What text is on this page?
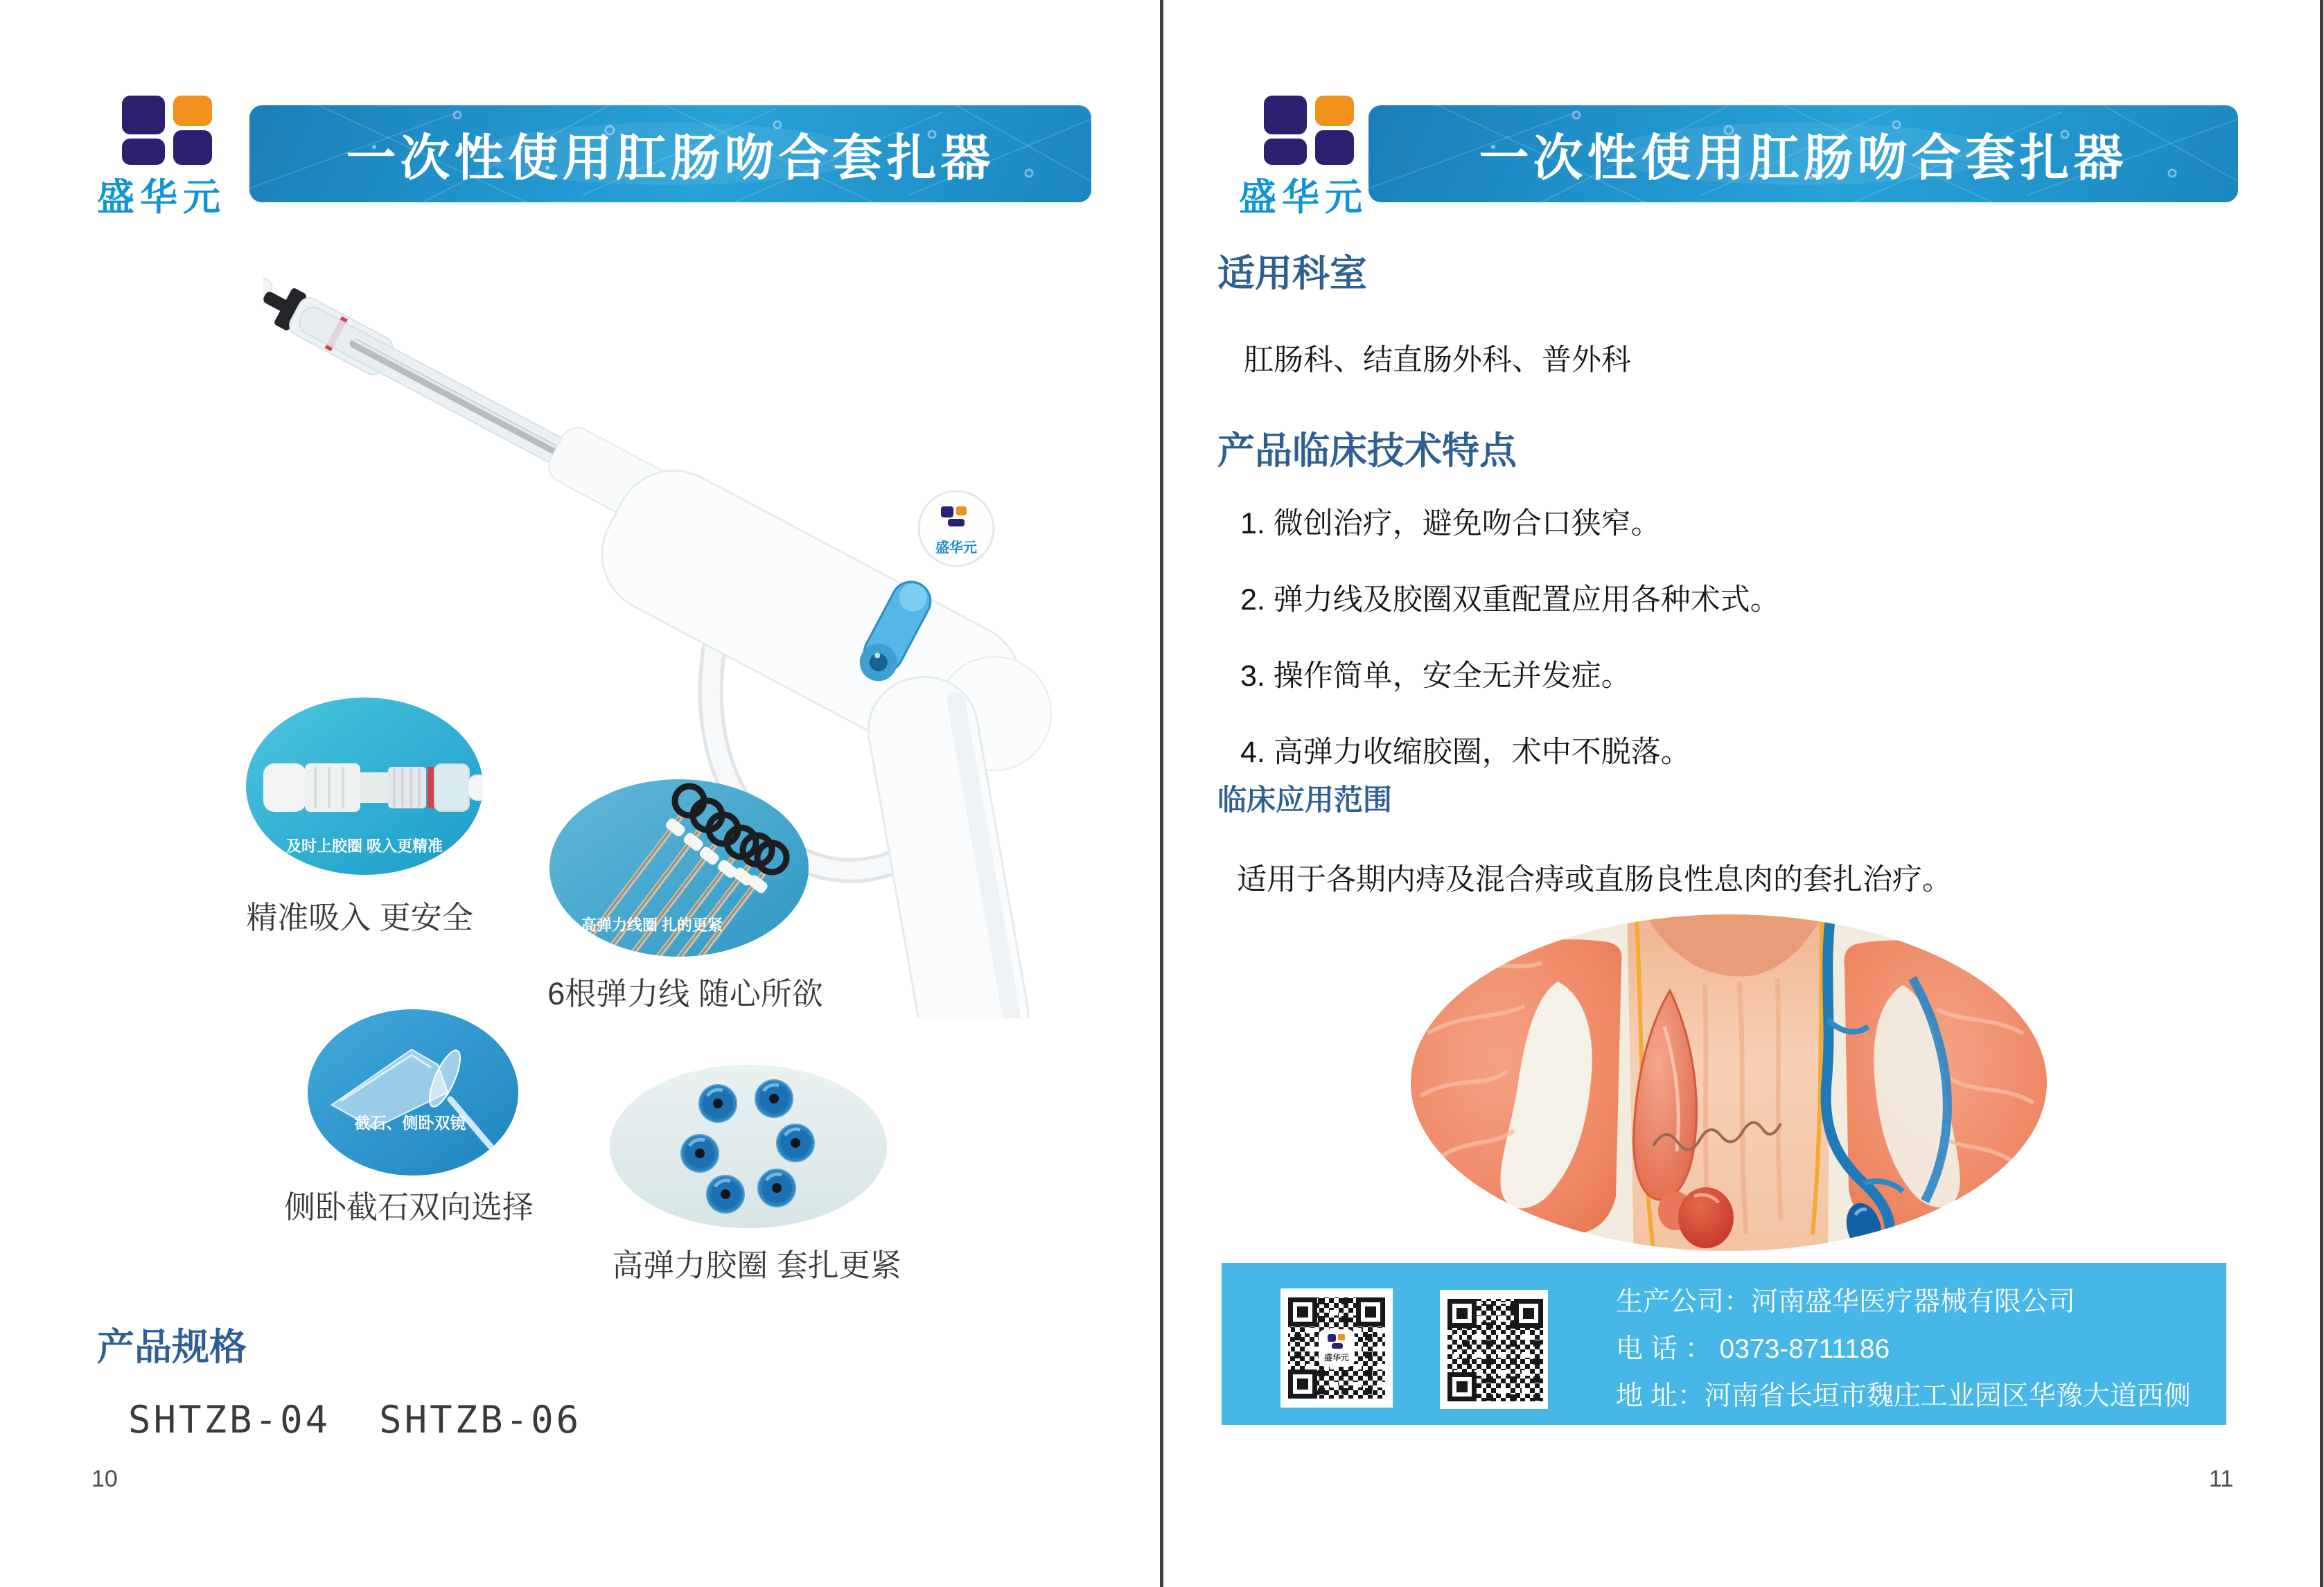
盛华元
一次性使用肛肠吻合套扎器
盛华元
及时上胶圈 吸入更精准
精准吸入 更安全	高弹力线圈 扎的更紧
6根弹力线 随心所欲
截石、侧卧双镜
侧卧截石双向选择
高弹力胶圈 套扎更紧
产品规格
SHTZB-04 SHTZB-06
10
盛华元
一次性使用肛肠吻合套扎器
适用科室
肛肠科、结直肠外科、普外科
产品临床技术特点

1. 微创治疗，避免吻合口狭窄。

2. 弹力线及胶圈双重配置应用各种术式。

3. 操作简单，安全无并发症。

4. 高弹力收缩胶圈，术中不脱落。

临床应用范围
适用于各期内痔及混合痔或直肠良性息肉的套扎治疗。
盛华元
生产公司：河南盛华医疗器械有限公司
电 话 ： 0373-8711186
地 址：河南省长垣市魏庄工业园区华豫大道西侧
11
